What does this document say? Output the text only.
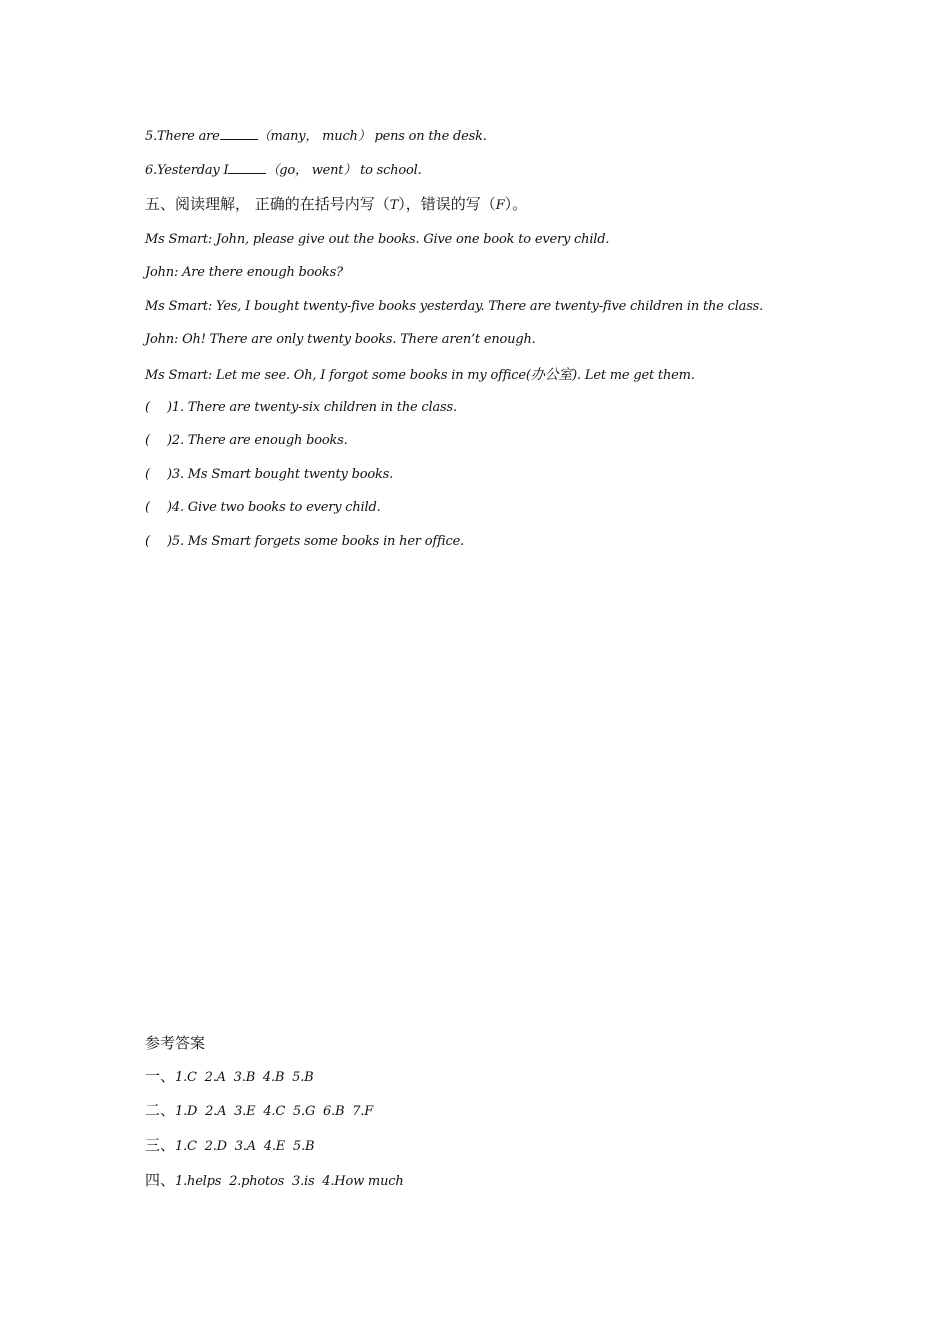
5.There are	（many， much） pens on the desk.
6.Yesterday I	（go， went） to school.
五、阅读理解， 正确的在括号内写（T），错误的写（F）。
Ms Smart: John, please give out the books. Give one book to every child.
John: Are there enough books?
Ms Smart: Yes, I bought twenty-five books yesterday. There are twenty-five children in the class.
John: Oh! There are only twenty books. There aren’t enough.
Ms Smart: Let me see. Oh, I forgot some books in my office(办公室). Let me get them.
( )1. There are twenty-six children in the class.
( )2. There are enough books.
( )3. Ms Smart bought twenty books.
( )4. Give two books to every child.
( )5. Ms Smart forgets some books in her office.
参考答案
一、1.C  2.A  3.B  4.B  5.B
二、1.D  2.A  3.E  4.C  5.G  6.B  7.F
三、1.C  2.D  3.A  4.E  5.B
四、1.helps  2.photos  3.is  4.How much
